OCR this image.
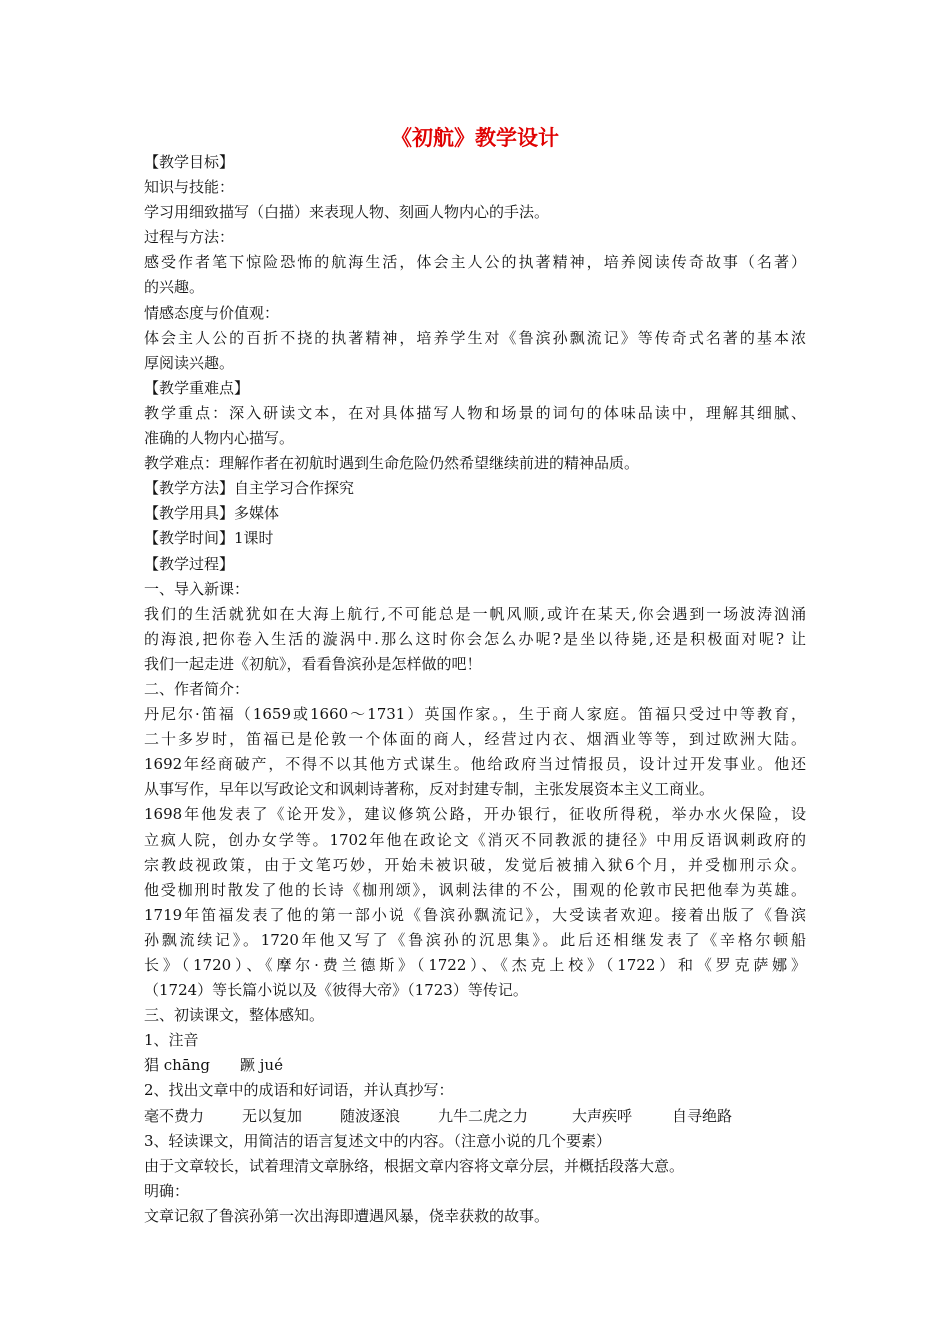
《初航》教学设计
【教学目标】
知识与技能：
学习用细致描写（白描）来表现人物、刻画人物内心的手法。
过程与方法：
感受作者笔下惊险恐怖的航海生活，体会主人公的执著精神，培养阅读传奇故事（名著）
的兴趣。
情感态度与价值观：
体会主人公的百折不挠的执著精神，培养学生对《鲁滨孙飘流记》等传奇式名著的基本浓
厚阅读兴趣。
【教学重难点】
教学重点：深入研读文本，在对具体描写人物和场景的词句的体味品读中，理解其细腻、
准确的人物内心描写。
教学难点：理解作者在初航时遇到生命危险仍然希望继续前进的精神品质。
【教学方法】自主学习合作探究
【教学用具】多媒体
【教学时间】1课时
【教学过程】
一、导入新课：
我们的生活就犹如在大海上航行,不可能总是一帆风顺,或许在某天,你会遇到一场波涛汹涌
的海浪,把你卷入生活的漩涡中.那么这时你会怎么办呢?是坐以待毙,还是积极面对呢? 让
我们一起走进《初航》，看看鲁滨孙是怎样做的吧！
二、作者简介：
丹尼尔·笛福（1659或1660～1731）英国作家。，生于商人家庭。笛福只受过中等教育，
二十多岁时，笛福已是伦敦一个体面的商人，经营过内衣、烟酒业等等，到过欧洲大陆。
1692年经商破产，不得不以其他方式谋生。他给政府当过情报员，设计过开发事业。他还
从事写作，早年以写政论文和讽刺诗著称，反对封建专制，主张发展资本主义工商业。
1698年他发表了《论开发》，建议修筑公路，开办银行，征收所得税，举办水火保险，设
立疯人院，创办女学等。1702年他在政论文《消灭不同教派的捷径》中用反语讽刺政府的
宗教歧视政策，由于文笔巧妙，开始未被识破，发觉后被捕入狱6个月，并受枷刑示众。
他受枷刑时散发了他的长诗《枷刑颂》，讽刺法律的不公，围观的伦敦市民把他奉为英雄。
1719年笛福发表了他的第一部小说《鲁滨孙飘流记》，大受读者欢迎。接着出版了《鲁滨
孙飘流续记》。1720年他又写了《鲁滨孙的沉思集》。此后还相继发表了《辛格尔顿船
长》（1720）、《摩尔·费兰德斯》（1722）、《杰克上校》（1722）和《罗克萨娜》
（1724）等长篇小说以及《彼得大帝》（1723）等传记。
三、初读课文，整体感知。
1、注音
猖 chāng 蹶 jué
2、找出文章中的成语和好词语，并认真抄写：
毫不费力	无以复加	随波逐浪	九牛二虎之力	大声疾呼	自寻绝路
3、轻读课文，用简洁的语言复述文中的内容。（注意小说的几个要素）
由于文章较长，试着理清文章脉络，根据文章内容将文章分层，并概括段落大意。
明确：
文章记叙了鲁滨孙第一次出海即遭遇风暴，侥幸获救的故事。
